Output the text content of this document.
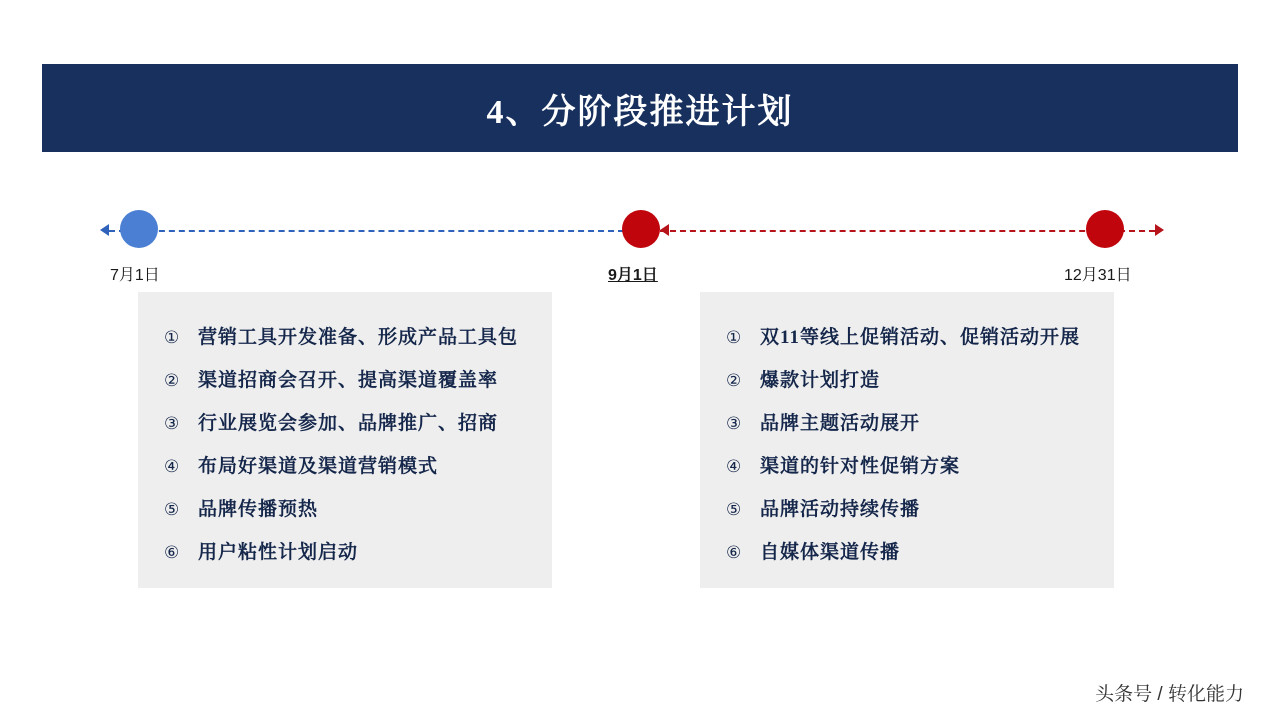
4、分阶段推进计划
7月1日	9月1日	12月31日
① 营销工具开发准备、形成产品工具包
② 渠道招商会召开、提高渠道覆盖率
③ 行业展览会参加、品牌推广、招商
④ 布局好渠道及渠道营销模式
⑤ 品牌传播预热
⑥ 用户粘性计划启动
① 双11等线上促销活动、促销活动开展
② 爆款计划打造
③ 品牌主题活动展开
④ 渠道的针对性促销方案
⑤ 品牌活动持续传播
⑥ 自媒体渠道传播
头条号 / 转化能力
